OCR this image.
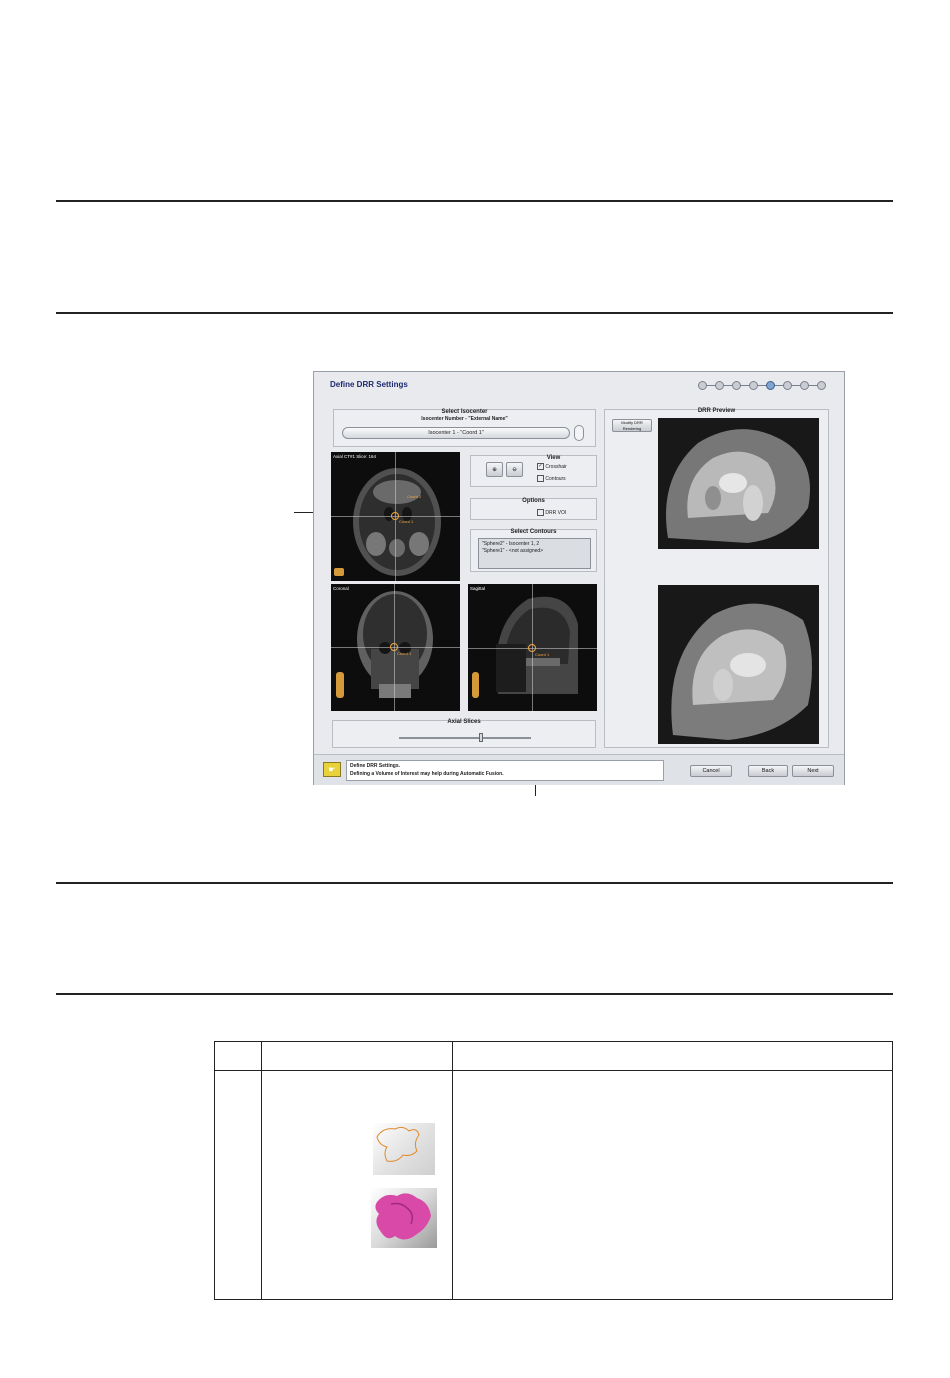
Define DRR Settings
Select Isocenter
Isocenter Number - "External Name"
Isocenter 1 - "Coord 1"
Axial CT#1 Slice: 164
Coord 1
Coord 2
Coronal
Coord 1
Sagittal
Coord 1
View
⊕	⊖
✓ Crosshair
Contours
Options
DRR VOI
Select Contours
"Sphere2" - Isocenter 1, 2
"Sphere1" - <not assigned>
Axial Slices
DRR Preview
Modify DRR Rendering
☛	Define DRR Settings.
Defining a Volume of Interest may help during Automatic Fusion.	Cancel	Back	Next
